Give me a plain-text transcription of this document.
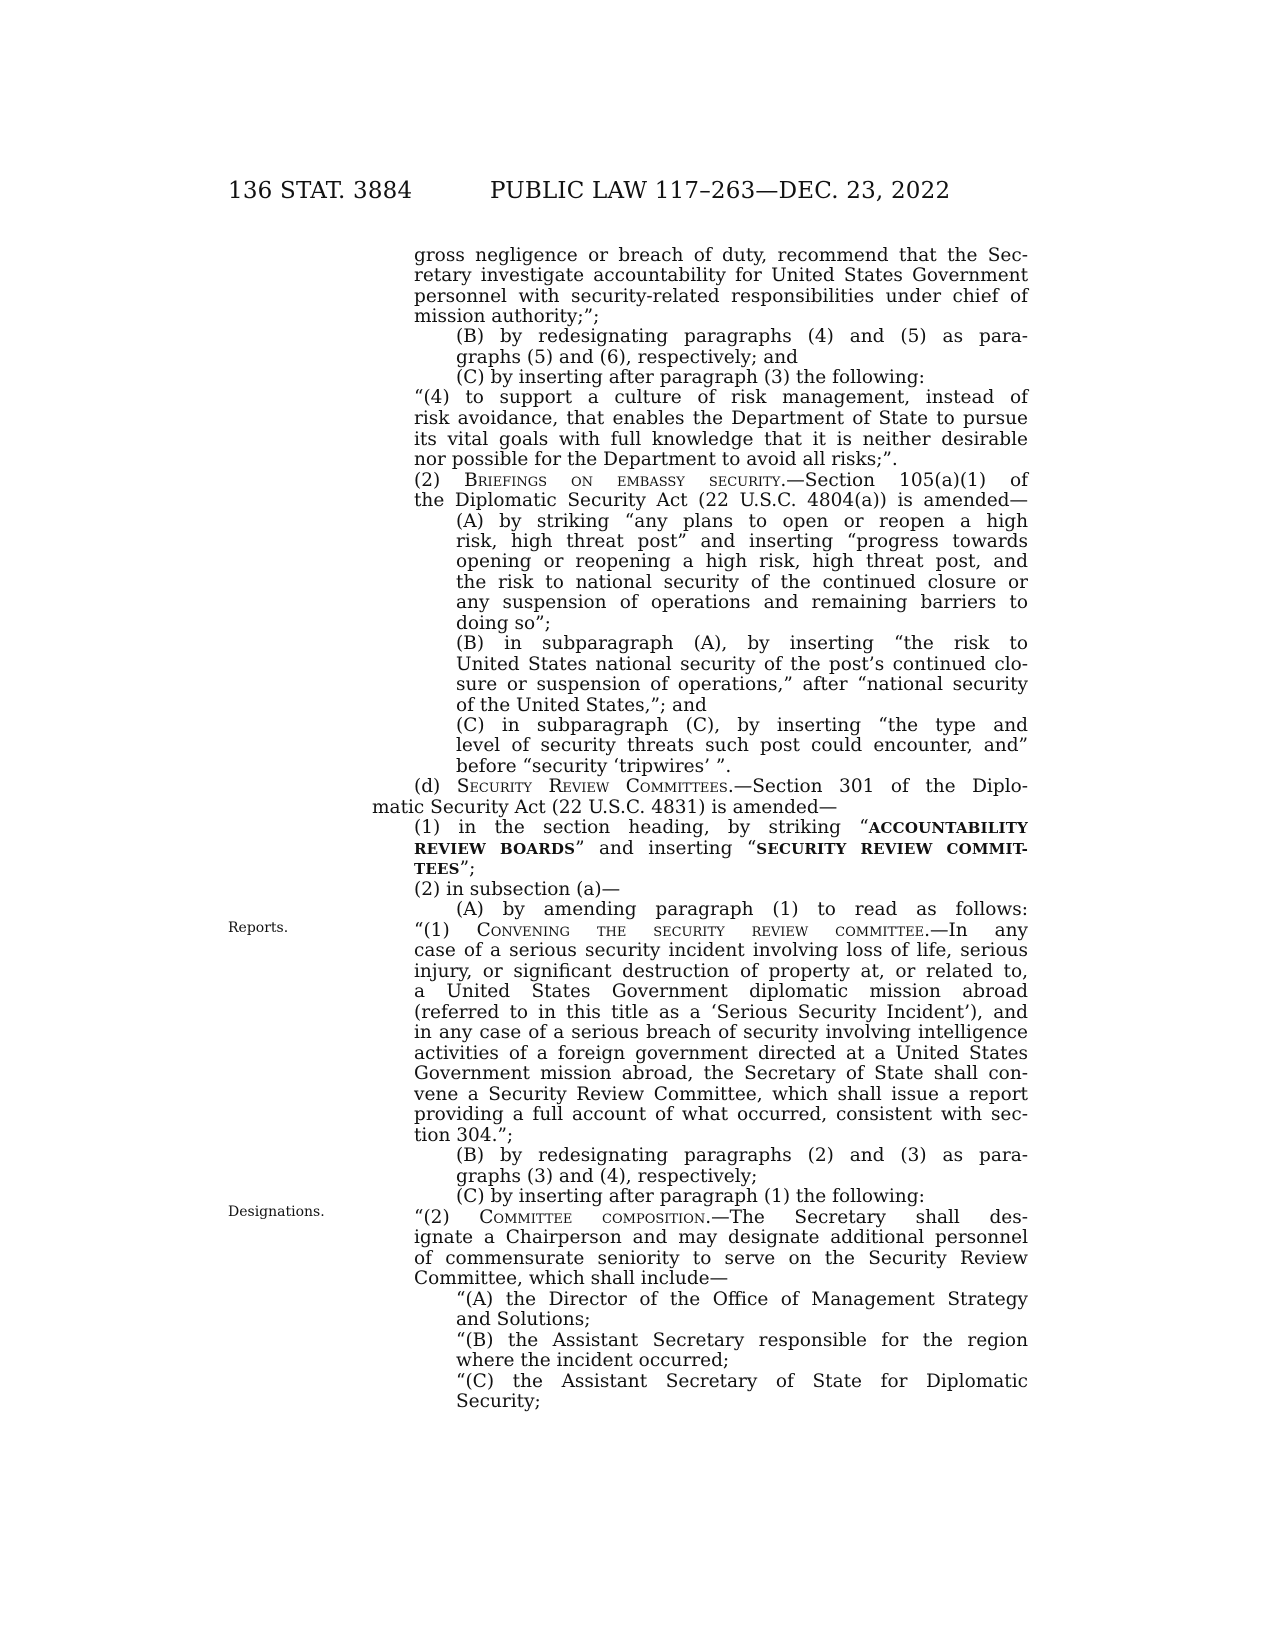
136 STAT. 3884	PUBLIC LAW 117–263—DEC. 23, 2022
Reports.
Designations.
gross negligence or breach of duty, recommend that the Sec-
retary investigate accountability for United States Government
personnel with security-related responsibilities under chief of
mission authority;”;
(B) by redesignating paragraphs (4) and (5) as para-
graphs (5) and (6), respectively; and
(C) by inserting after paragraph (3) the following:
“(4) to support a culture of risk management, instead of
risk avoidance, that enables the Department of State to pursue
its vital goals with full knowledge that it is neither desirable
nor possible for the Department to avoid all risks;”.
(2) Briefings on embassy security.—Section 105(a)(1) of
the Diplomatic Security Act (22 U.S.C. 4804(a)) is amended—
(A) by striking “any plans to open or reopen a high
risk, high threat post” and inserting “progress towards
opening or reopening a high risk, high threat post, and
the risk to national security of the continued closure or
any suspension of operations and remaining barriers to
doing so”;
(B) in subparagraph (A), by inserting “the risk to
United States national security of the post’s continued clo-
sure or suspension of operations,” after “national security
of the United States,”; and
(C) in subparagraph (C), by inserting “the type and
level of security threats such post could encounter, and”
before “security ‘tripwires’ ”.
(d) Security Review Committees.—Section 301 of the Diplo-
matic Security Act (22 U.S.C. 4831) is amended—
(1) in the section heading, by striking “ACCOUNTABILITY
REVIEW BOARDS” and inserting “SECURITY REVIEW COMMIT-
TEES”;
(2) in subsection (a)—
(A) by amending paragraph (1) to read as follows:
“(1) Convening the security review committee.—In any
case of a serious security incident involving loss of life, serious
injury, or significant destruction of property at, or related to,
a United States Government diplomatic mission abroad
(referred to in this title as a ‘Serious Security Incident’), and
in any case of a serious breach of security involving intelligence
activities of a foreign government directed at a United States
Government mission abroad, the Secretary of State shall con-
vene a Security Review Committee, which shall issue a report
providing a full account of what occurred, consistent with sec-
tion 304.”;
(B) by redesignating paragraphs (2) and (3) as para-
graphs (3) and (4), respectively;
(C) by inserting after paragraph (1) the following:
“(2) Committee composition.—The Secretary shall des-
ignate a Chairperson and may designate additional personnel
of commensurate seniority to serve on the Security Review
Committee, which shall include—
“(A) the Director of the Office of Management Strategy
and Solutions;
“(B) the Assistant Secretary responsible for the region
where the incident occurred;
“(C) the Assistant Secretary of State for Diplomatic
Security;
